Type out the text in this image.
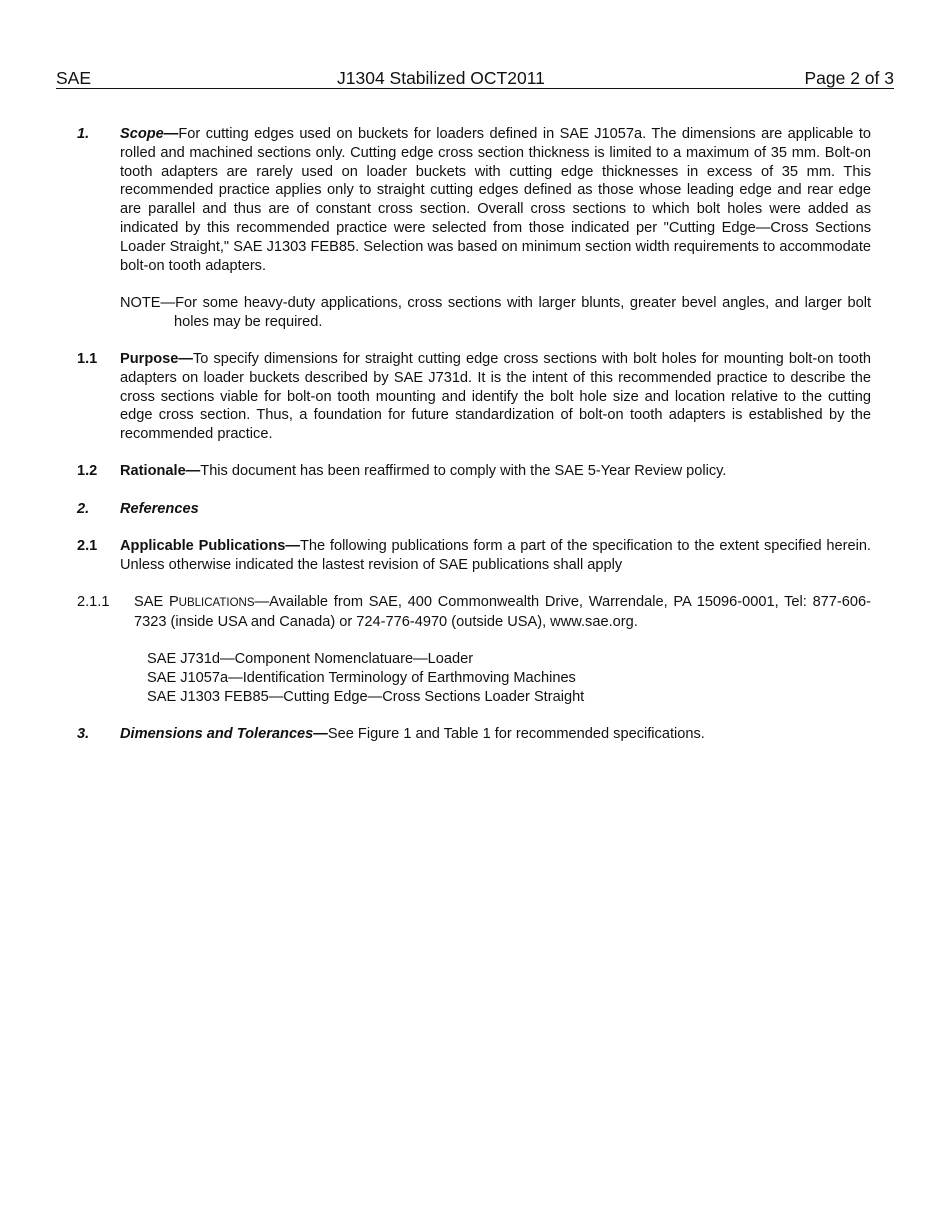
SAE	J1304 Stabilized OCT2011	Page 2 of 3
1. Scope—For cutting edges used on buckets for loaders defined in SAE J1057a. The dimensions are applicable to rolled and machined sections only. Cutting edge cross section thickness is limited to a maximum of 35 mm. Bolt-on tooth adapters are rarely used on loader buckets with cutting edge thicknesses in excess of 35 mm. This recommended practice applies only to straight cutting edges defined as those whose leading edge and rear edge are parallel and thus are of constant cross section. Overall cross sections to which bolt holes were added as indicated by this recommended practice were selected from those indicated per "Cutting Edge—Cross Sections Loader Straight," SAE J1303 FEB85. Selection was based on minimum section width requirements to accommodate bolt-on tooth adapters.
NOTE—For some heavy-duty applications, cross sections with larger blunts, greater bevel angles, and larger bolt holes may be required.
1.1 Purpose—To specify dimensions for straight cutting edge cross sections with bolt holes for mounting bolt-on tooth adapters on loader buckets described by SAE J731d. It is the intent of this recommended practice to describe the cross sections viable for bolt-on tooth mounting and identify the bolt hole size and location relative to the cutting edge cross section. Thus, a foundation for future standardization of bolt-on tooth adapters is established by the recommended practice.
1.2 Rationale—This document has been reaffirmed to comply with the SAE 5-Year Review policy.
2. References
2.1 Applicable Publications—The following publications form a part of the specification to the extent specified herein. Unless otherwise indicated the lastest revision of SAE publications shall apply
2.1.1 SAE PUBLICATIONS—Available from SAE, 400 Commonwealth Drive, Warrendale, PA 15096-0001, Tel: 877-606-7323 (inside USA and Canada) or 724-776-4970 (outside USA), www.sae.org.
SAE J731d—Component Nomenclatuare—Loader
SAE J1057a—Identification Terminology of Earthmoving Machines
SAE J1303 FEB85—Cutting Edge—Cross Sections Loader Straight
3. Dimensions and Tolerances—See Figure 1 and Table 1 for recommended specifications.
